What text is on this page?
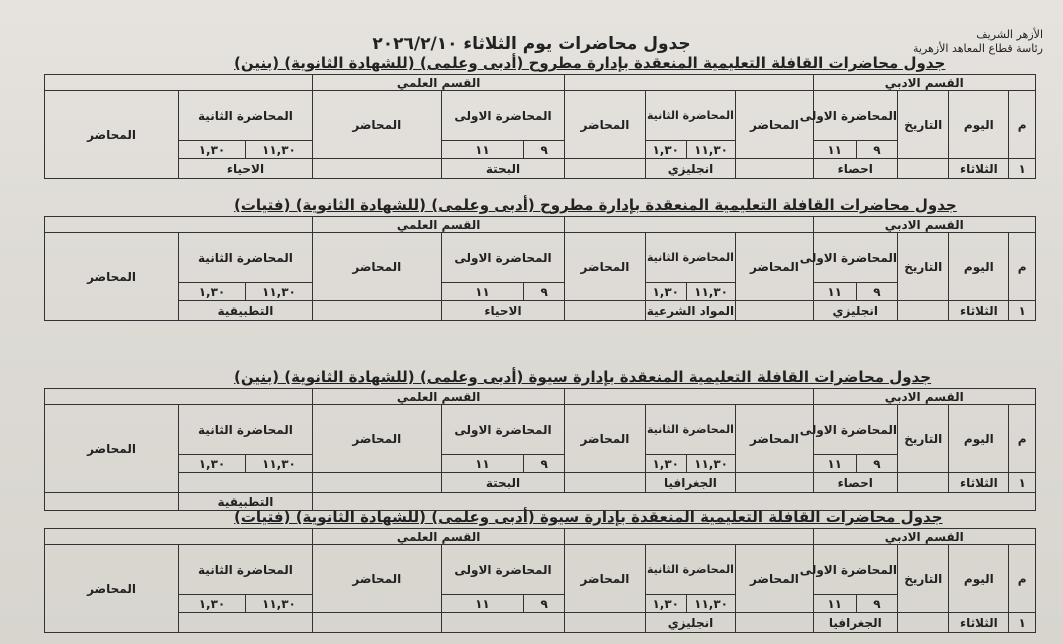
الأزهر الشريف
رئاسة قطاع المعاهد الأزهرية
جدول محاضرات يوم الثلاثاء ٢٠٢٦/٢/١٠
جدول محاضرات القافلة التعليمية المنعقدة بإدارة مطروح (أدبى وعلمى) (للشهادة الثانوية) (بنين)
القسم الادبي									القسم العلمي					
م	اليوم	التاريخ	المحاضرة الاولى		المحاضر	المحاضرة الثانية		المحاضر	المحاضرة الاولى		المحاضر	المحاضرة الثانية		المحاضر
			٩	١١		١١,٣٠	١,٣٠		٩	١١		١١,٣٠	١,٣٠	
١	الثلاثاء		احصاء			انجليزي			البحتة			الاحياء		
جدول محاضرات القافلة التعليمية المنعقدة بإدارة مطروح (أدبى وعلمى) (للشهادة الثانوية) (فتيات)
القسم الادبي									القسم العلمي					
م	اليوم	التاريخ	المحاضرة الاولى		المحاضر	المحاضرة الثانية		المحاضر	المحاضرة الاولى		المحاضر	المحاضرة الثانية		المحاضر
			٩	١١		١١,٣٠	١,٣٠		٩	١١		١١,٣٠	١,٣٠	
١	الثلاثاء		انجليزي			المواد الشرعية			الاحياء			التطبيقية		
جدول محاضرات القافلة التعليمية المنعقدة بإدارة سيوة (أدبى وعلمى) (للشهادة الثانوية) (بنين)
القسم الادبي									القسم العلمي					
م	اليوم	التاريخ	المحاضرة الاولى		المحاضر	المحاضرة الثانية		المحاضر	المحاضرة الاولى		المحاضر	المحاضرة الثانية		المحاضر
			٩	١١		١١,٣٠	١,٣٠		٩	١١		١١,٣٠	١,٣٠	
١	الثلاثاء		احصاء			الجغرافيا			البحتة					
												التطبيقية		
جدول محاضرات القافلة التعليمية المنعقدة بإدارة سيوة (أدبى وعلمى) (للشهادة الثانوية) (فتيات)
القسم الادبي									القسم العلمي					
م	اليوم	التاريخ	المحاضرة الاولى		المحاضر	المحاضرة الثانية		المحاضر	المحاضرة الاولى		المحاضر	المحاضرة الثانية		المحاضر
			٩	١١		١١,٣٠	١,٣٠		٩	١١		١١,٣٠	١,٣٠	
١	الثلاثاء		الجغرافيا			انجليزي								
